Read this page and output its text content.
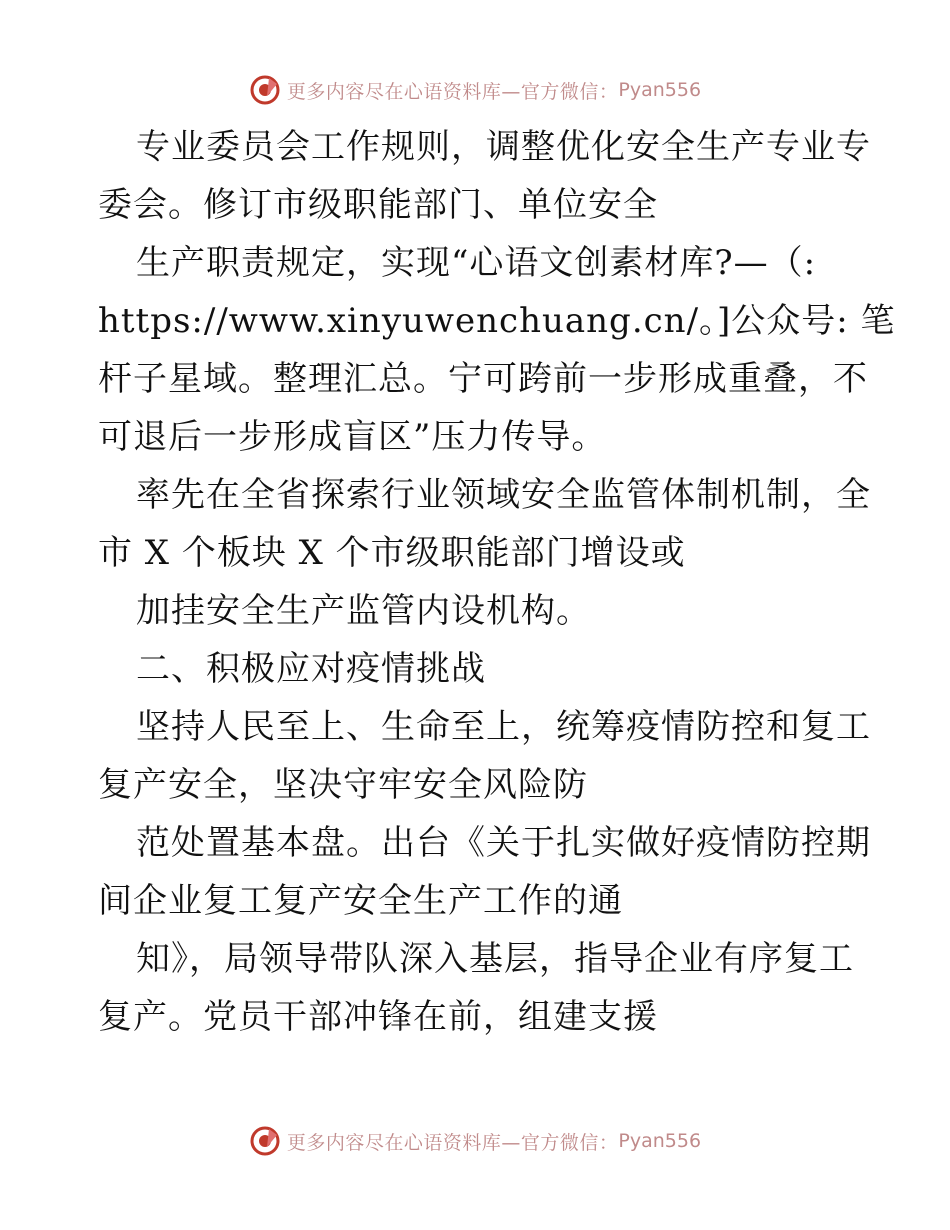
更多内容尽在心语资料库—官方微信： Pyan556
专业委员会工作规则，调整优化安全生产专业专
委会。修订市级职能部门、单位安全
生产职责规定，实现“心语文创素材库?—（:
https://www.xinyuwenchuang.cn/。]公众号: 笔
杆子星域。整理汇总。宁可跨前一步形成重叠，不
可退后一步形成盲区”压力传导。
率先在全省探索行业领域安全监管体制机制，全
市 X 个板块 X 个市级职能部门增设或
加挂安全生产监管内设机构。
二、积极应对疫情挑战
坚持人民至上、生命至上，统筹疫情防控和复工
复产安全，坚决守牢安全风险防
范处置基本盘。出台《关于扎实做好疫情防控期
间企业复工复产安全生产工作的通
知》，局领导带队深入基层，指导企业有序复工
复产。党员干部冲锋在前，组建支援
更多内容尽在心语资料库—官方微信： Pyan556
